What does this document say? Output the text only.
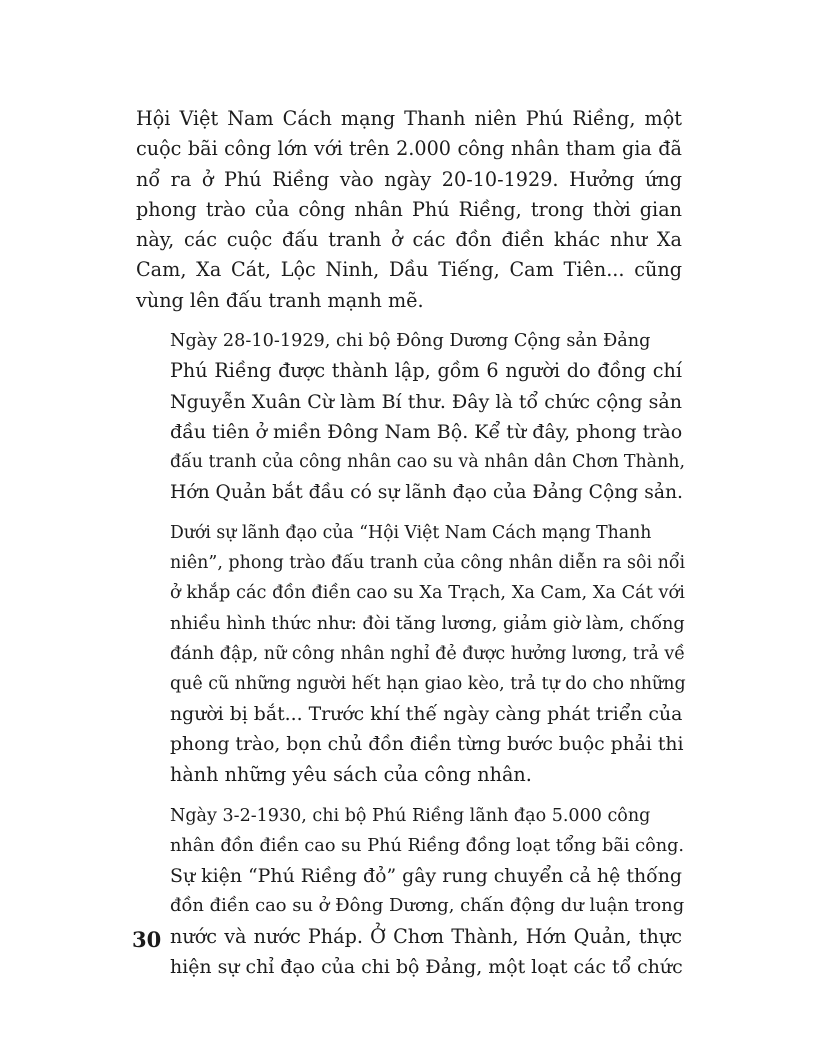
Hội Việt Nam Cách mạng Thanh niên Phú Riềng, một
cuộc bãi công lớn với trên 2.000 công nhân tham gia đã
nổ ra ở Phú Riềng vào ngày 20-10-1929. Hưởng ứng
phong trào của công nhân Phú Riềng, trong thời gian
này, các cuộc đấu tranh ở các đồn điền khác như Xa
Cam, Xa Cát, Lộc Ninh, Dầu Tiếng, Cam Tiên... cũng
vùng lên đấu tranh mạnh mẽ.

Ngày 28-10-1929, chi bộ Đông Dương Cộng sản Đảng
Phú Riềng được thành lập, gồm 6 người do đồng chí
Nguyễn Xuân Cừ làm Bí thư. Đây là tổ chức cộng sản
đầu tiên ở miền Đông Nam Bộ. Kể từ đây, phong trào
đấu tranh của công nhân cao su và nhân dân Chơn Thành,
Hớn Quản bắt đầu có sự lãnh đạo của Đảng Cộng sản.

Dưới sự lãnh đạo của “Hội Việt Nam Cách mạng Thanh
niên”, phong trào đấu tranh của công nhân diễn ra sôi nổi
ở khắp các đồn điền cao su Xa Trạch, Xa Cam, Xa Cát với
nhiều hình thức như: đòi tăng lương, giảm giờ làm, chống
đánh đập, nữ công nhân nghỉ đẻ được hưởng lương, trả về
quê cũ những người hết hạn giao kèo, trả tự do cho những
người bị bắt... Trước khí thế ngày càng phát triển của
phong trào, bọn chủ đồn điền từng bước buộc phải thi
hành những yêu sách của công nhân.

Ngày 3-2-1930, chi bộ Phú Riềng lãnh đạo 5.000 công
nhân đồn điền cao su Phú Riềng đồng loạt tổng bãi công.
Sự kiện “Phú Riềng đỏ” gây rung chuyển cả hệ thống
đồn điền cao su ở Đông Dương, chấn động dư luận trong
nước và nước Pháp. Ở Chơn Thành, Hớn Quản, thực
hiện sự chỉ đạo của chi bộ Đảng, một loạt các tổ chức

30
